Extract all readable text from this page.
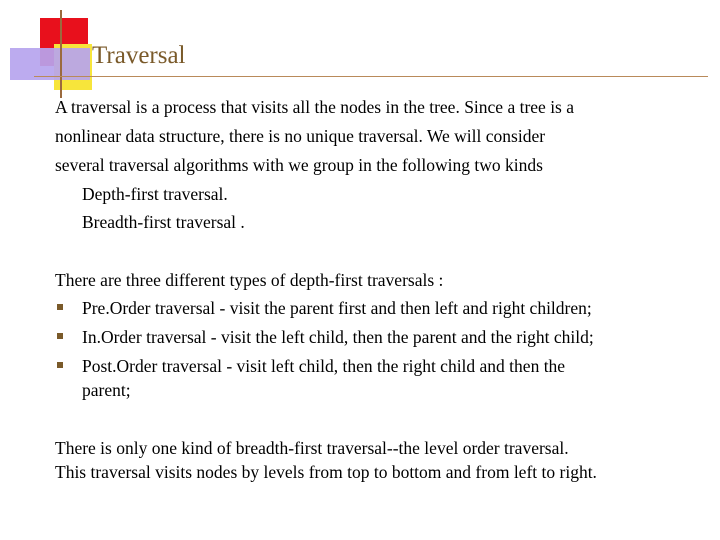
Traversal
A traversal is a process that visits all the nodes in the tree. Since a tree is a
nonlinear data structure, there is no unique traversal. We will consider
several traversal algorithms with we group in the following two kinds
Depth-first traversal.
Breadth-first traversal .
There are three different types of depth-first traversals :
Pre.Order traversal - visit the parent first and then left and right children;
In.Order traversal - visit the left child, then the parent and the right child;
Post.Order traversal - visit left child, then the right child and then the
parent;
There is only one kind of breadth-first traversal--the level order traversal.
This traversal visits nodes by levels from top to bottom and from left to right.
